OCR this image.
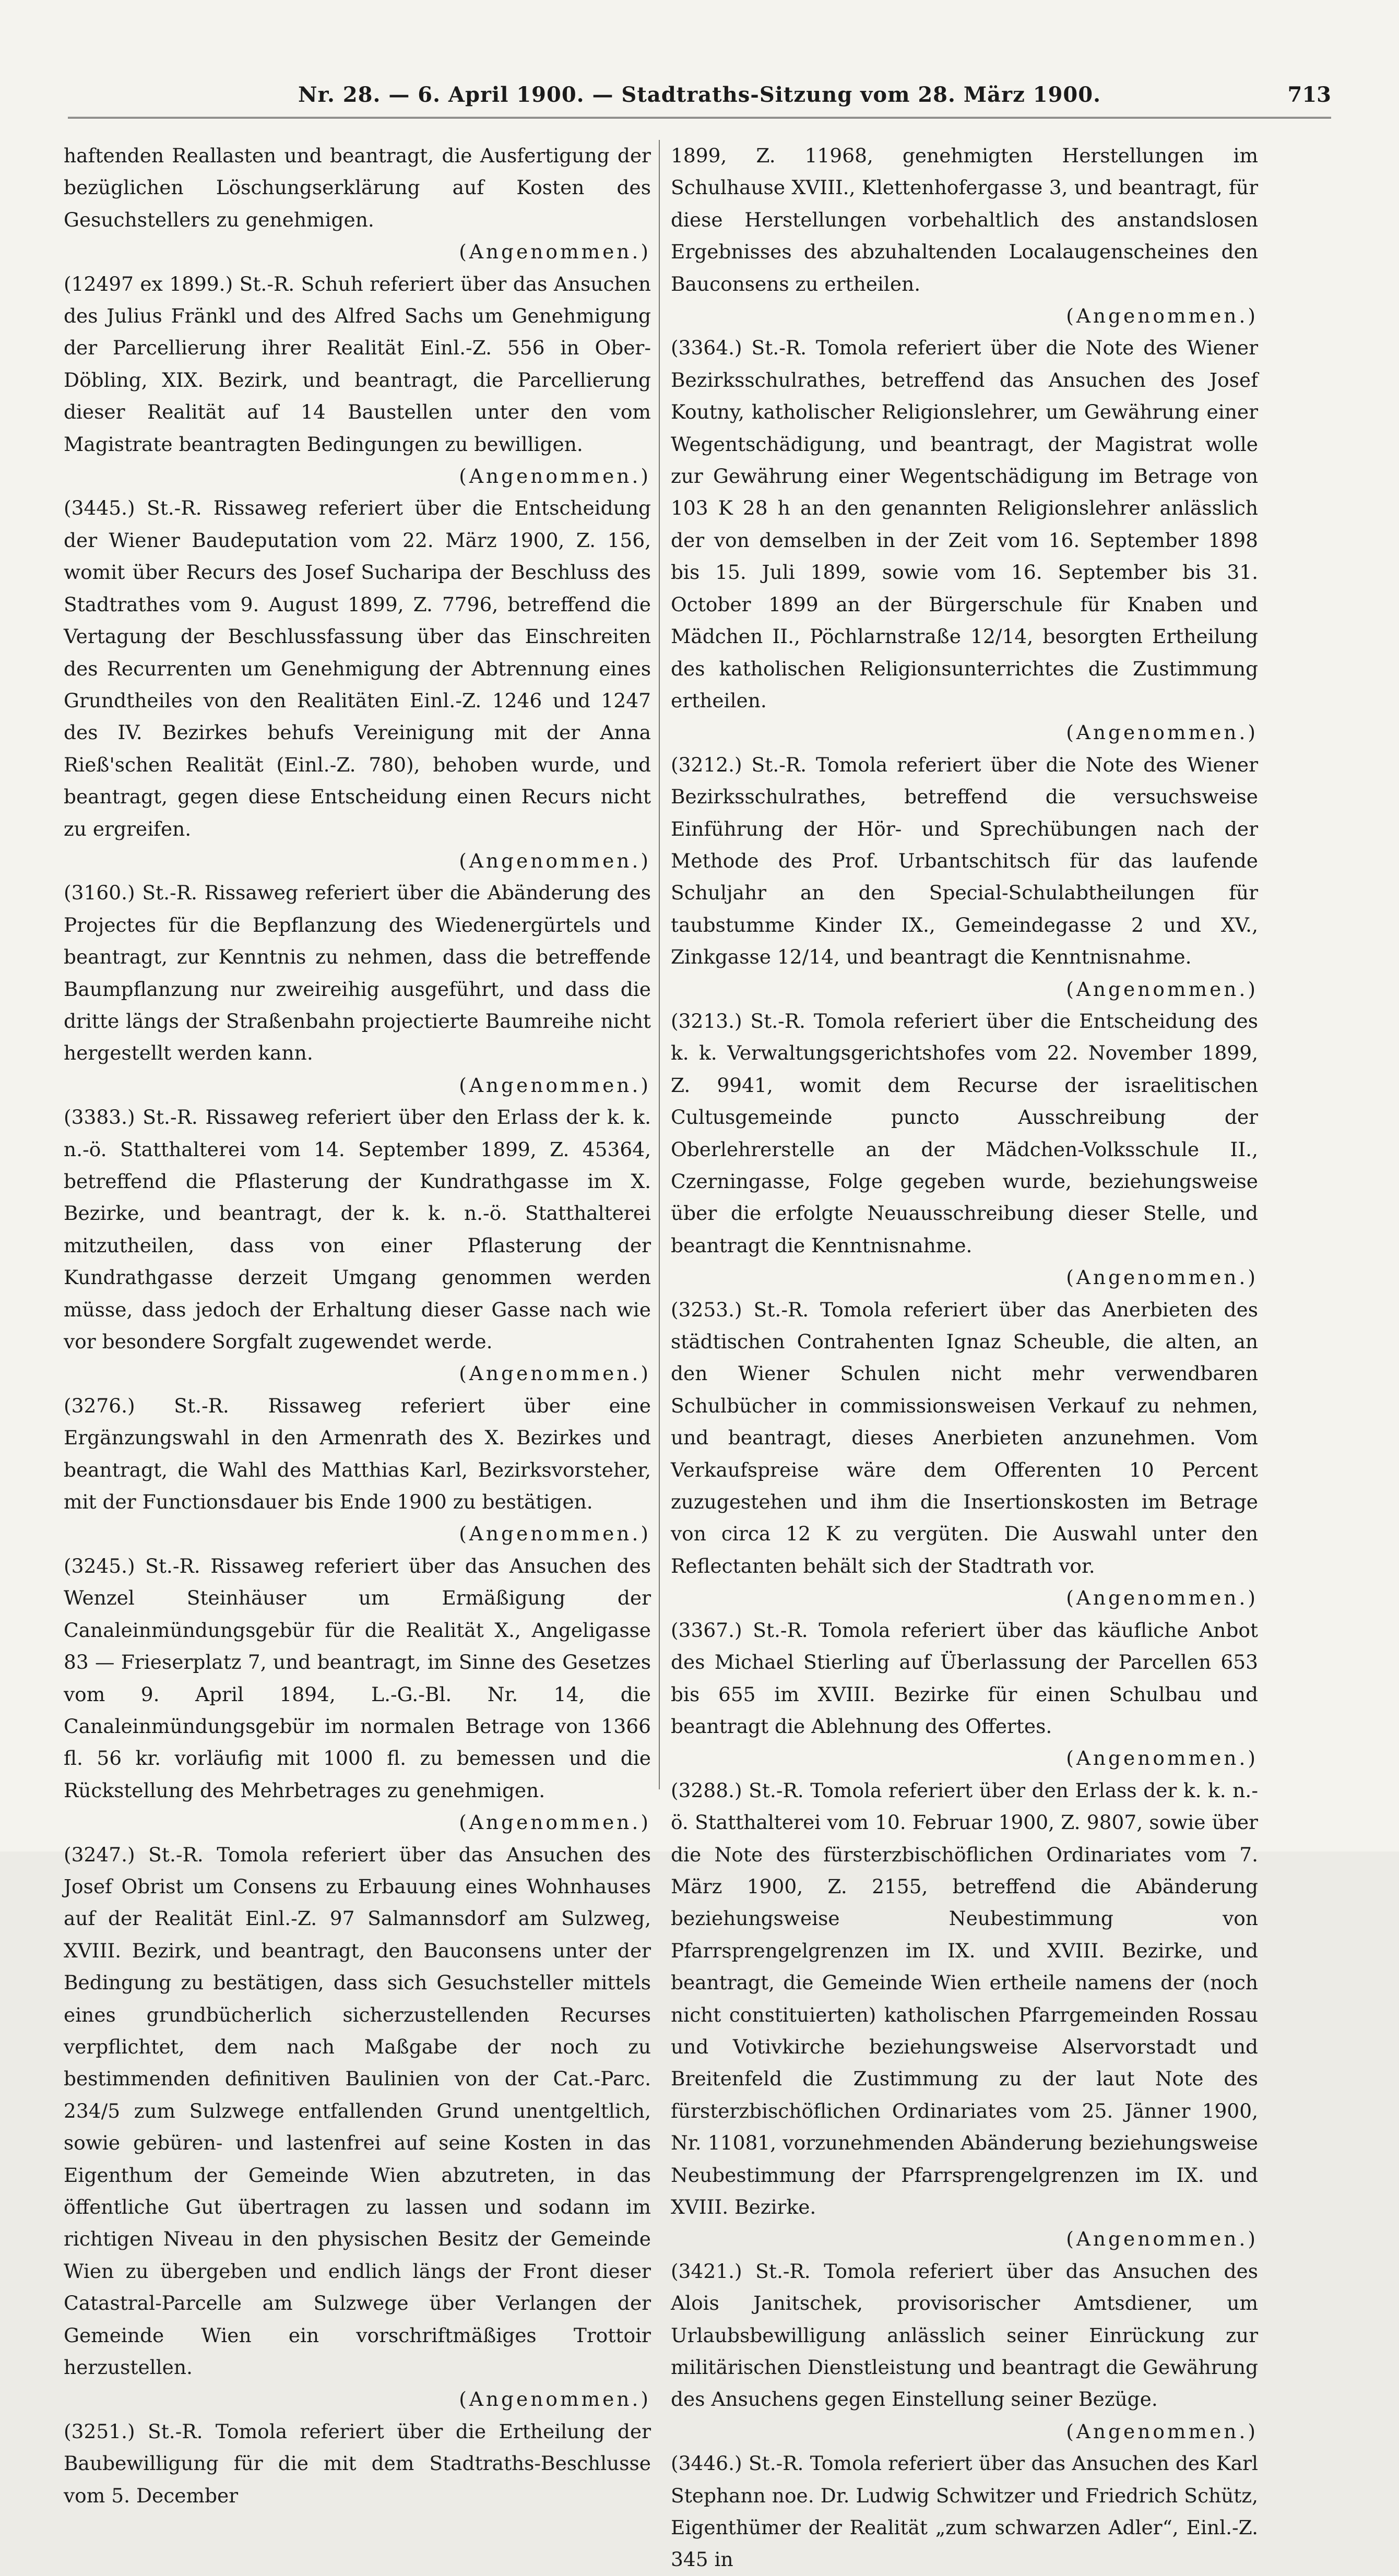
Nr. 28. — 6. April 1900. — Stadtraths-Sitzung vom 28. März 1900.	713

haftenden Reallasten und beantragt, die Ausfertigung der bezüglichen Löschungserklärung auf Kosten des Gesuchstellers zu genehmigen.

(Angenommen.)

(12497 ex 1899.) St.-R. Schuh referiert über das Ansuchen des Julius Fränkl und des Alfred Sachs um Genehmigung der Parcellierung ihrer Realität Einl.-Z. 556 in Ober-Döbling, XIX. Bezirk, und beantragt, die Parcellierung dieser Realität auf 14 Baustellen unter den vom Magistrate beantragten Bedingungen zu bewilligen.

(Angenommen.)

(3445.) St.-R. Rissaweg referiert über die Entscheidung der Wiener Baudeputation vom 22. März 1900, Z. 156, womit über Recurs des Josef Sucharipa der Beschluss des Stadtrathes vom 9. August 1899, Z. 7796, betreffend die Vertagung der Beschlussfassung über das Einschreiten des Recurrenten um Genehmigung der Abtrennung eines Grundtheiles von den Realitäten Einl.-Z. 1246 und 1247 des IV. Bezirkes behufs Vereinigung mit der Anna Rieß'schen Realität (Einl.-Z. 780), behoben wurde, und beantragt, gegen diese Entscheidung einen Recurs nicht zu ergreifen.

(Angenommen.)

(3160.) St.-R. Rissaweg referiert über die Abänderung des Projectes für die Bepflanzung des Wiedenergürtels und beantragt, zur Kenntnis zu nehmen, dass die betreffende Baumpflanzung nur zweireihig ausgeführt, und dass die dritte längs der Straßenbahn projectierte Baumreihe nicht hergestellt werden kann.

(Angenommen.)

(3383.) St.-R. Rissaweg referiert über den Erlass der k. k. n.-ö. Statthalterei vom 14. September 1899, Z. 45364, betreffend die Pflasterung der Kundrathgasse im X. Bezirke, und beantragt, der k. k. n.-ö. Statthalterei mitzutheilen, dass von einer Pflasterung der Kundrathgasse derzeit Umgang genommen werden müsse, dass jedoch der Erhaltung dieser Gasse nach wie vor besondere Sorgfalt zugewendet werde.

(Angenommen.)

(3276.) St.-R. Rissaweg referiert über eine Ergänzungswahl in den Armenrath des X. Bezirkes und beantragt, die Wahl des Matthias Karl, Bezirksvorsteher, mit der Functionsdauer bis Ende 1900 zu bestätigen.

(Angenommen.)

(3245.) St.-R. Rissaweg referiert über das Ansuchen des Wenzel Steinhäuser um Ermäßigung der Canaleinmündungsgebür für die Realität X., Angeligasse 83 — Frieserplatz 7, und beantragt, im Sinne des Gesetzes vom 9. April 1894, L.-G.-Bl. Nr. 14, die Canaleinmündungsgebür im normalen Betrage von 1366 fl. 56 kr. vorläufig mit 1000 fl. zu bemessen und die Rückstellung des Mehrbetrages zu genehmigen.

(Angenommen.)

(3247.) St.-R. Tomola referiert über das Ansuchen des Josef Obrist um Consens zu Erbauung eines Wohnhauses auf der Realität Einl.-Z. 97 Salmannsdorf am Sulzweg, XVIII. Bezirk, und beantragt, den Bauconsens unter der Bedingung zu bestätigen, dass sich Gesuchsteller mittels eines grundbücherlich sicherzustellenden Recurses verpflichtet, dem nach Maßgabe der noch zu bestimmenden definitiven Baulinien von der Cat.-Parc. 234/5 zum Sulzwege entfallenden Grund unentgeltlich, sowie gebüren- und lastenfrei auf seine Kosten in das Eigenthum der Gemeinde Wien abzutreten, in das öffentliche Gut übertragen zu lassen und sodann im richtigen Niveau in den physischen Besitz der Gemeinde Wien zu übergeben und endlich längs der Front dieser Catastral-Parcelle am Sulzwege über Verlangen der Gemeinde Wien ein vorschriftmäßiges Trottoir herzustellen.

(Angenommen.)

(3251.) St.-R. Tomola referiert über die Ertheilung der Baubewilligung für die mit dem Stadtraths-Beschlusse vom 5. December

1899, Z. 11968, genehmigten Herstellungen im Schulhause XVIII., Klettenhofergasse 3, und beantragt, für diese Herstellungen vorbehaltlich des anstandslosen Ergebnisses des abzuhaltenden Localaugenscheines den Bauconsens zu ertheilen.

(Angenommen.)

(3364.) St.-R. Tomola referiert über die Note des Wiener Bezirksschulrathes, betreffend das Ansuchen des Josef Koutny, katholischer Religionslehrer, um Gewährung einer Wegentschädigung, und beantragt, der Magistrat wolle zur Gewährung einer Wegentschädigung im Betrage von 103 K 28 h an den genannten Religionslehrer anlässlich der von demselben in der Zeit vom 16. September 1898 bis 15. Juli 1899, sowie vom 16. September bis 31. October 1899 an der Bürgerschule für Knaben und Mädchen II., Pöchlarnstraße 12/14, besorgten Ertheilung des katholischen Religionsunterrichtes die Zustimmung ertheilen.

(Angenommen.)

(3212.) St.-R. Tomola referiert über die Note des Wiener Bezirksschulrathes, betreffend die versuchsweise Einführung der Hör- und Sprechübungen nach der Methode des Prof. Urbantschitsch für das laufende Schuljahr an den Special-Schulabtheilungen für taubstumme Kinder IX., Gemeindegasse 2 und XV., Zinkgasse 12/14, und beantragt die Kenntnisnahme.

(Angenommen.)

(3213.) St.-R. Tomola referiert über die Entscheidung des k. k. Verwaltungsgerichtshofes vom 22. November 1899, Z. 9941, womit dem Recurse der israelitischen Cultusgemeinde puncto Ausschreibung der Oberlehrerstelle an der Mädchen-Volksschule II., Czerningasse, Folge gegeben wurde, beziehungsweise über die erfolgte Neuausschreibung dieser Stelle, und beantragt die Kenntnisnahme.

(Angenommen.)

(3253.) St.-R. Tomola referiert über das Anerbieten des städtischen Contrahenten Ignaz Scheuble, die alten, an den Wiener Schulen nicht mehr verwendbaren Schulbücher in commissionsweisen Verkauf zu nehmen, und beantragt, dieses Anerbieten anzunehmen. Vom Verkaufspreise wäre dem Offerenten 10 Percent zuzugestehen und ihm die Insertionskosten im Betrage von circa 12 K zu vergüten. Die Auswahl unter den Reflectanten behält sich der Stadtrath vor.

(Angenommen.)

(3367.) St.-R. Tomola referiert über das käufliche Anbot des Michael Stierling auf Überlassung der Parcellen 653 bis 655 im XVIII. Bezirke für einen Schulbau und beantragt die Ablehnung des Offertes.

(Angenommen.)

(3288.) St.-R. Tomola referiert über den Erlass der k. k. n.-ö. Statthalterei vom 10. Februar 1900, Z. 9807, sowie über die Note des fürsterzbischöflichen Ordinariates vom 7. März 1900, Z. 2155, betreffend die Abänderung beziehungsweise Neubestimmung von Pfarrsprengelgrenzen im IX. und XVIII. Bezirke, und beantragt, die Gemeinde Wien ertheile namens der (noch nicht constituierten) katholischen Pfarrgemeinden Rossau und Votivkirche beziehungsweise Alservorstadt und Breitenfeld die Zustimmung zu der laut Note des fürsterzbischöflichen Ordinariates vom 25. Jänner 1900, Nr. 11081, vorzunehmenden Abänderung beziehungsweise Neubestimmung der Pfarrsprengelgrenzen im IX. und XVIII. Bezirke.

(Angenommen.)

(3421.) St.-R. Tomola referiert über das Ansuchen des Alois Janitschek, provisorischer Amtsdiener, um Urlaubsbewilligung anlässlich seiner Einrückung zur militärischen Dienstleistung und beantragt die Gewährung des Ansuchens gegen Einstellung seiner Bezüge.

(Angenommen.)

(3446.) St.-R. Tomola referiert über das Ansuchen des Karl Stephann noe. Dr. Ludwig Schwitzer und Friedrich Schütz, Eigenthümer der Realität „zum schwarzen Adler“, Einl.-Z. 345 in
